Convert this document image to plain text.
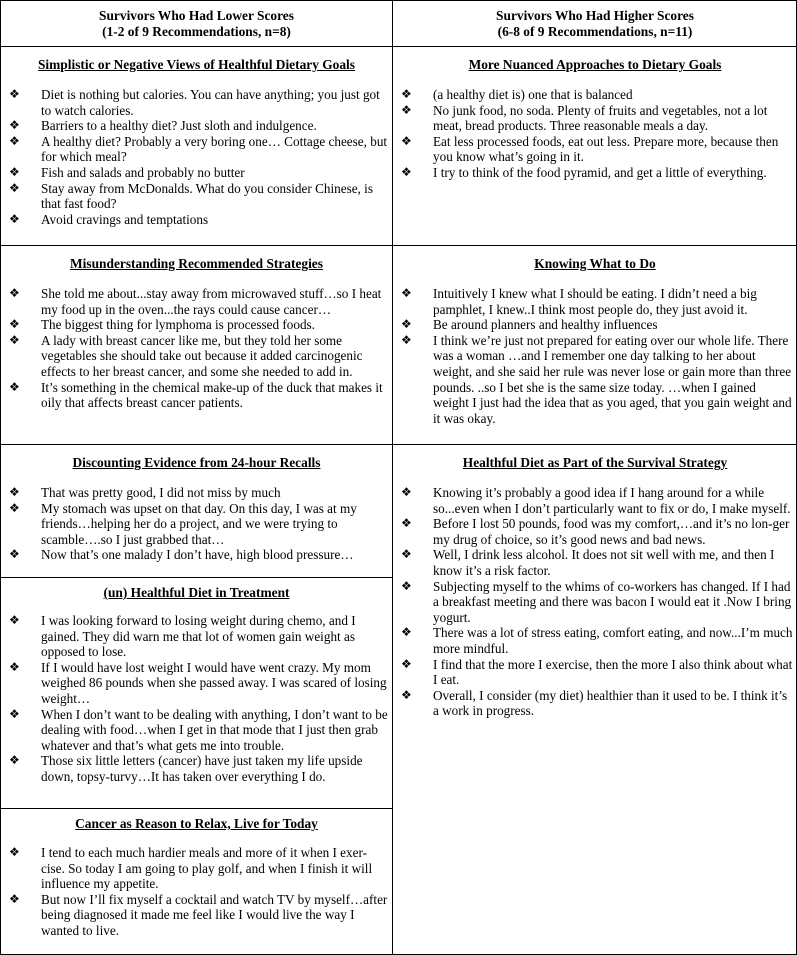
Survivors Who Had Lower Scores
(1-2 of 9 Recommendations, n=8)
Survivors Who Had Higher Scores
(6-8 of 9 Recommendations, n=11)
Simplistic or Negative Views of Healthful Dietary Goals
❖ Diet is nothing but calories. You can have anything; you just got to watch calories.
❖ Barriers to a healthy diet? Just sloth and indulgence.
❖ A healthy diet? Probably a very boring one… Cottage cheese, but for which meal?
❖ Fish and salads and probably no butter
❖ Stay away from McDonalds. What do you consider Chinese, is that fast food?
❖ Avoid cravings and temptations
Misunderstanding Recommended Strategies
❖ She told me about...stay away from microwaved stuff…so I heat my food up in the oven...the rays could cause cancer…
❖ The biggest thing for lymphoma is processed foods.
❖ A lady with breast cancer like me, but they told her some vegetables she should take out because it added carcinogenic effects to her breast cancer, and some she needed to add in.
❖ It’s something in the chemical make-up of the duck that makes it oily that affects breast cancer patients.
Discounting Evidence from 24-hour Recalls
❖ That was pretty good, I did not miss by much
❖ My stomach was upset on that day. On this day, I was at my friends…helping her do a project, and we were trying to scamble….so I just grabbed that…
❖ Now that’s one malady I don’t have, high blood pressure…
(un) Healthful Diet in Treatment
❖ I was looking forward to losing weight during chemo, and I gained. They did warn me that lot of women gain weight as opposed to lose.
❖ If I would have lost weight I would have went crazy. My mom weighed 86 pounds when she passed away. I was scared of losing weight…
❖ When I don’t want to be dealing with anything, I don’t want to be dealing with food…when I get in that mode that I just then grab whatever and that’s what gets me into trouble.
❖ Those six little letters (cancer) have just taken my life upside down, topsy-turvy…It has taken over everything I do.
Cancer as Reason to Relax, Live for Today
❖ I tend to each much hardier meals and more of it when I exer-cise. So today I am going to play golf, and when I finish it will influence my appetite.
❖ But now I’ll fix myself a cocktail and watch TV by myself…after being diagnosed it made me feel like I would live the way I wanted to live.
More Nuanced Approaches to Dietary Goals
❖ (a healthy diet is) one that is balanced
❖ No junk food, no soda. Plenty of fruits and vegetables, not a lot meat, bread products. Three reasonable meals a day.
❖ Eat less processed foods, eat out less. Prepare more, because then you know what’s going in it.
❖ I try to think of the food pyramid, and get a little of everything.
Knowing What to Do
❖ Intuitively I knew what I should be eating. I didn’t need a big pamphlet, I knew..I think most people do, they just avoid it.
❖ Be around planners and healthy influences
❖ I think we’re just not prepared for eating over our whole life. There was a woman …and I remember one day talking to her about weight, and she said her rule was never lose or gain more than three pounds. ..so I bet she is the same size today. …when I gained weight I just had the idea that as you aged, that you gain weight and it was okay.
Healthful Diet as Part of the Survival Strategy
❖ Knowing it’s probably a good idea if I hang around for a while so...even when I don’t particularly want to fix or do, I make myself.
❖ Before I lost 50 pounds, food was my comfort,…and it’s no lon-ger my drug of choice, so it’s good news and bad news.
❖ Well, I drink less alcohol. It does not sit well with me, and then I know it’s a risk factor.
❖ Subjecting myself to the whims of co-workers has changed. If I had a breakfast meeting and there was bacon I would eat it .Now I bring yogurt.
❖ There was a lot of stress eating, comfort eating, and now...I’m much more mindful.
❖ I find that the more I exercise, then the more I also think about what I eat.
❖ Overall, I consider (my diet) healthier than it used to be. I think it’s a work in progress.
